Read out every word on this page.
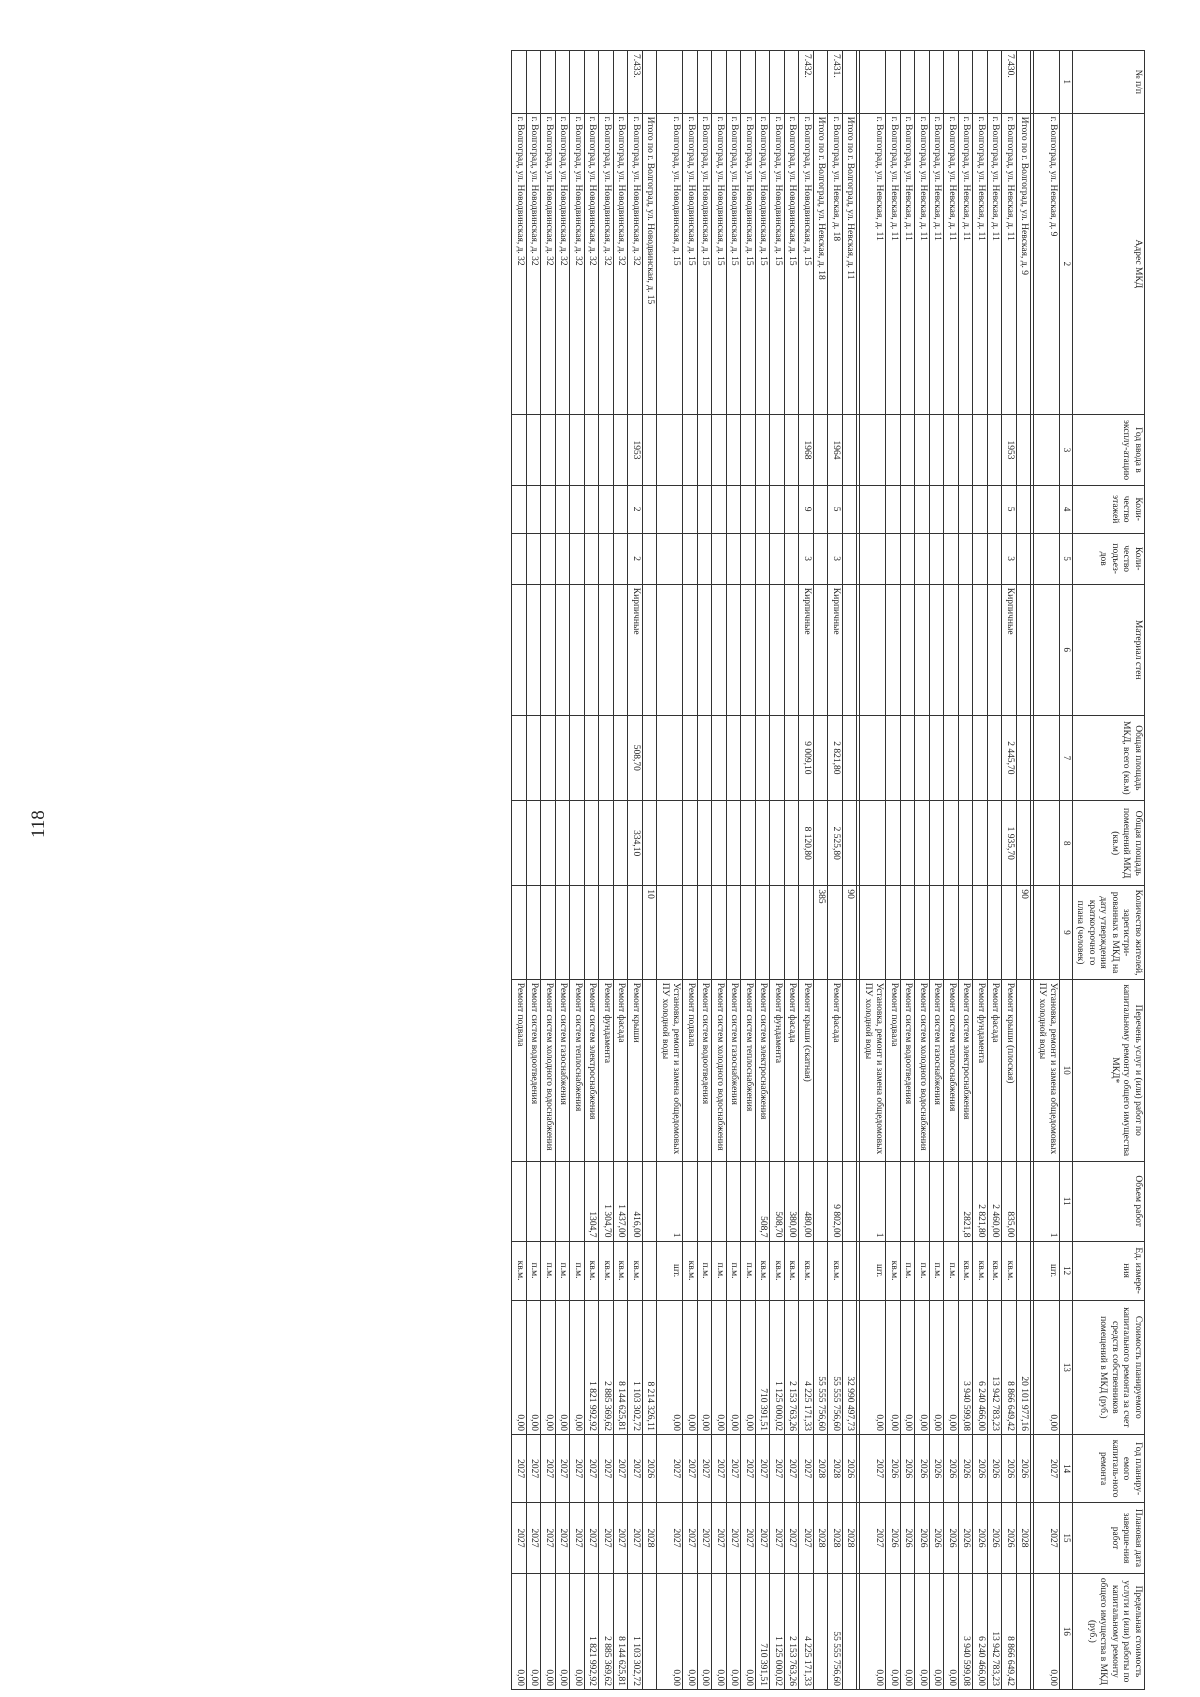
118
№ п/п	Адрес МКД	Год ввода в эксплу-атацию	Коли-чество этажей	Коли-чество подъез-дов	Материал стен	Общая площадь МКД, всего (кв.м)	Общая площадь помещений МКД (кв.м)	Количество жителей, зарегистри-рованных в МКД на дату утверждения краткосрочно го плана (человек)	Перечень услуг и (или) работ по капитальному ремонту общего имущества МКД*	Объем работ	Ед. измере-ния	Стоимость планируемого капитального ремонта за счет средств собственников помещений в МКД (руб.)	Год планиру-емого капиталь-ного ремонта	Плановая дата заверше-ния работ	Предельная стоимость услуги и (или) работы по капитальному ремонту общего имущества в МКД (руб.)
1	2	3	4	5	6	7	8	9	10	11	12	13	14	15	16
	г. Волгоград, ул. Невская, д. 9								Установка, ремонт и замена общедомовых ПУ холодной воды	1	шт.	0,00	2027	2027	0,00

	Итого по г. Волгоград, ул. Невская, д. 9							90				20 101 977,16	2026	2028	
7.430.	г. Волгоград, ул. Невская, д. 11	1953	5	3	Кирпичные	2 445,70	1 935,70		Ремонт крыши (плоская)	835,00	кв.м.	8 866 649,42	2026	2026	8 866 649,42
	г. Волгоград, ул. Невская, д. 11								Ремонт фасада	2 460,00	кв.м.	13 942 783,23	2026	2026	13 942 783,23
	г. Волгоград, ул. Невская, д. 11								Ремонт фундамента	2 821,80	кв.м.	6 240 466,00	2026	2026	6 240 466,00
	г. Волгоград, ул. Невская, д. 11								Ремонт систем электроснабжения	2821,8	кв.м.	3 940 599,08	2026	2026	3 940 599,08
	г. Волгоград, ул. Невская, д. 11								Ремонт систем теплоснабжения		п.м.	0,00	2026	2026	0,00
	г. Волгоград, ул. Невская, д. 11								Ремонт систем газоснабжения		п.м.	0,00	2026	2026	0,00
	г. Волгоград, ул. Невская, д. 11								Ремонт систем холодного водоснабжения		п.м.	0,00	2026	2026	0,00
	г. Волгоград, ул. Невская, д. 11								Ремонт систем водоотведения		п.м.	0,00	2026	2026	0,00
	г. Волгоград, ул. Невская, д. 11								Ремонт подвала		кв.м.	0,00	2026	2026	0,00
	г. Волгоград, ул. Невская, д. 11								Установка, ремонт и замена общедомовых ПУ холодной воды	1	шт.	0,00	2027	2027	0,00

	Итого по г. Волгоград, ул. Невская, д. 11							90				32 990 497,73	2026	2028	
7.431.	г. Волгоград, ул. Невская, д. 18	1964	5	3	Кирпичные	2 821,80	2 525,80		Ремонт фасада	9 802,00	кв.м.	55 555 756,60	2028	2028	55 555 756,60
	Итого по г. Волгоград, ул. Невская, д. 18							385				55 555 756,60	2028	2028	
7.432.	г. Волгоград, ул. Новодвинская, д. 15	1968	9	3	Кирпичные	9 009,10	8 120,80		Ремонт крыши (скатная)	480,00	кв.м.	4 225 171,33	2027	2027	4 225 171,33
	г. Волгоград, ул. Новодвинская, д. 15								Ремонт фасада	380,00	кв.м.	2 153 763,26	2027	2027	2 153 763,26
	г. Волгоград, ул. Новодвинская, д. 15								Ремонт фундамента	508,70	кв.м.	1 125 000,02	2027	2027	1 125 000,02
	г. Волгоград, ул. Новодвинская, д. 15								Ремонт систем электроснабжения	508,7	кв.м.	710 391,51	2027	2027	710 391,51
	г. Волгоград, ул. Новодвинская, д. 15								Ремонт систем теплоснабжения		п.м.	0,00	2027	2027	0,00
	г. Волгоград, ул. Новодвинская, д. 15								Ремонт систем газоснабжения		п.м.	0,00	2027	2027	0,00
	г. Волгоград, ул. Новодвинская, д. 15								Ремонт систем холодного водоснабжения		п.м.	0,00	2027	2027	0,00
	г. Волгоград, ул. Новодвинская, д. 15								Ремонт систем водоотведения		п.м.	0,00	2027	2027	0,00
	г. Волгоград, ул. Новодвинская, д. 15								Ремонт подвала		кв.м.	0,00	2027	2027	0,00
	г. Волгоград, ул. Новодвинская, д. 15								Установка, ремонт и замена общедомовых ПУ холодной воды	1	шт.	0,00	2027	2027	0,00
	Итого по г. Волгоград, ул. Новодвинская, д. 15							10				8 214 326,11	2026	2028	
7.433.	г. Волгоград, ул. Новодвинская, д. 32	1953	2	2	Кирпичные	508,70	334,10		Ремонт крыши	416,00	кв.м.	1 103 302,72	2027	2027	1 103 302,72
	г. Волгоград, ул. Новодвинская, д. 32								Ремонт фасада	1 437,00	кв.м.	8 144 625,81	2027	2027	8 144 625,81
	г. Волгоград, ул. Новодвинская, д. 32								Ремонт фундамента	1 304,70	кв.м.	2 885 369,62	2027	2027	2 885 369,62
	г. Волгоград, ул. Новодвинская, д. 32								Ремонт систем электроснабжения	1304,7	кв.м.	1 821 992,92	2027	2027	1 821 992,92
	г. Волгоград, ул. Новодвинская, д. 32								Ремонт систем теплоснабжения		п.м.	0,00	2027	2027	0,00
	г. Волгоград, ул. Новодвинская, д. 32								Ремонт систем газоснабжения		п.м.	0,00	2027	2027	0,00
	г. Волгоград, ул. Новодвинская, д. 32								Ремонт систем холодного водоснабжения		п.м.	0,00	2027	2027	0,00
	г. Волгоград, ул. Новодвинская, д. 32								Ремонт систем водоотведения		п.м.	0,00	2027	2027	0,00
	г. Волгоград, ул. Новодвинская, д. 32								Ремонт подвала		кв.м.	0,00	2027	2027	0,00
